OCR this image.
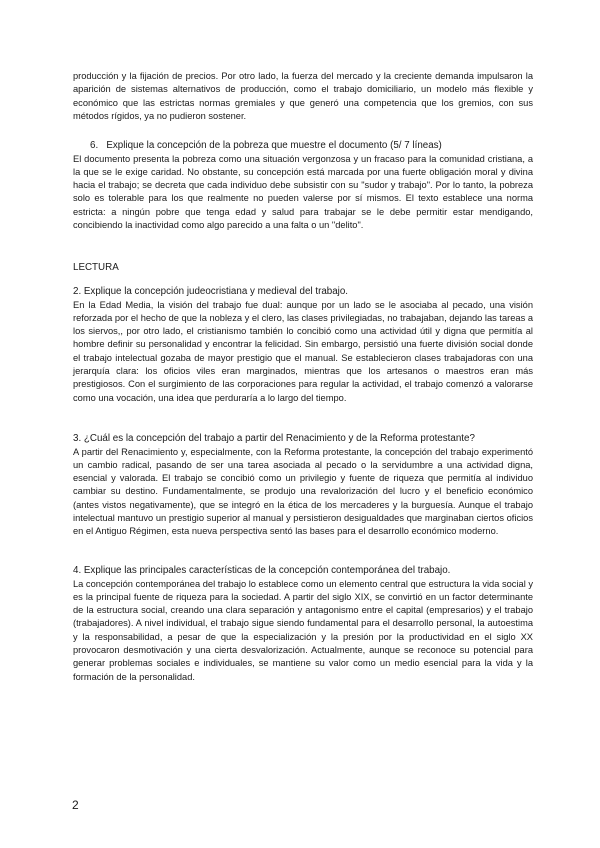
producción y la fijación de precios. Por otro lado, la fuerza del mercado y la creciente demanda impulsaron la aparición de sistemas alternativos de producción, como el trabajo domiciliario, un modelo más flexible y económico que las estrictas normas gremiales y que generó una competencia que los gremios, con sus métodos rígidos, ya no pudieron sostener.

6. Explique la concepción de la pobreza que muestre el documento (5/ 7 líneas)

El documento presenta la pobreza como una situación vergonzosa y un fracaso para la comunidad cristiana, a la que se le exige caridad. No obstante, su concepción está marcada por una fuerte obligación moral y divina hacia el trabajo; se decreta que cada individuo debe subsistir con su "sudor y trabajo". Por lo tanto, la pobreza solo es tolerable para los que realmente no pueden valerse por sí mismos. El texto establece una norma estricta: a ningún pobre que tenga edad y salud para trabajar se le debe permitir estar mendigando, concibiendo la inactividad como algo parecido a una falta o un "delito".

LECTURA

2. Explique la concepción judeocristiana y medieval del trabajo.

En la Edad Media, la visión del trabajo fue dual: aunque por un lado se le asociaba al pecado, una visión reforzada por el hecho de que la nobleza y el clero, las clases privilegiadas, no trabajaban, dejando las tareas a los siervos,, por otro lado, el cristianismo también lo concibió como una actividad útil y digna que permitía al hombre definir su personalidad y encontrar la felicidad. Sin embargo, persistió una fuerte división social donde el trabajo intelectual gozaba de mayor prestigio que el manual. Se establecieron clases trabajadoras con una jerarquía clara: los oficios viles eran marginados, mientras que los artesanos o maestros eran más prestigiosos. Con el surgimiento de las corporaciones para regular la actividad, el trabajo comenzó a valorarse como una vocación, una idea que perduraría a lo largo del tiempo.

3. ¿Cuál es la concepción del trabajo a partir del Renacimiento y de la Reforma protestante?

A partir del Renacimiento y, especialmente, con la Reforma protestante, la concepción del trabajo experimentó un cambio radical, pasando de ser una tarea asociada al pecado o la servidumbre a una actividad digna, esencial y valorada. El trabajo se concibió como un privilegio y fuente de riqueza que permitía al individuo cambiar su destino. Fundamentalmente, se produjo una revalorización del lucro y el beneficio económico (antes vistos negativamente), que se integró en la ética de los mercaderes y la burguesía. Aunque el trabajo intelectual mantuvo un prestigio superior al manual y persistieron desigualdades que marginaban ciertos oficios en el Antiguo Régimen, esta nueva perspectiva sentó las bases para el desarrollo económico moderno.

4. Explique las principales características de la concepción contemporánea del trabajo.

La concepción contemporánea del trabajo lo establece como un elemento central que estructura la vida social y es la principal fuente de riqueza para la sociedad. A partir del siglo XIX, se convirtió en un factor determinante de la estructura social, creando una clara separación y antagonismo entre el capital (empresarios) y el trabajo (trabajadores). A nivel individual, el trabajo sigue siendo fundamental para el desarrollo personal, la autoestima y la responsabilidad, a pesar de que la especialización y la presión por la productividad en el siglo XX provocaron desmotivación y una cierta desvalorización. Actualmente, aunque se reconoce su potencial para generar problemas sociales e individuales, se mantiene su valor como un medio esencial para la vida y la formación de la personalidad.

2
